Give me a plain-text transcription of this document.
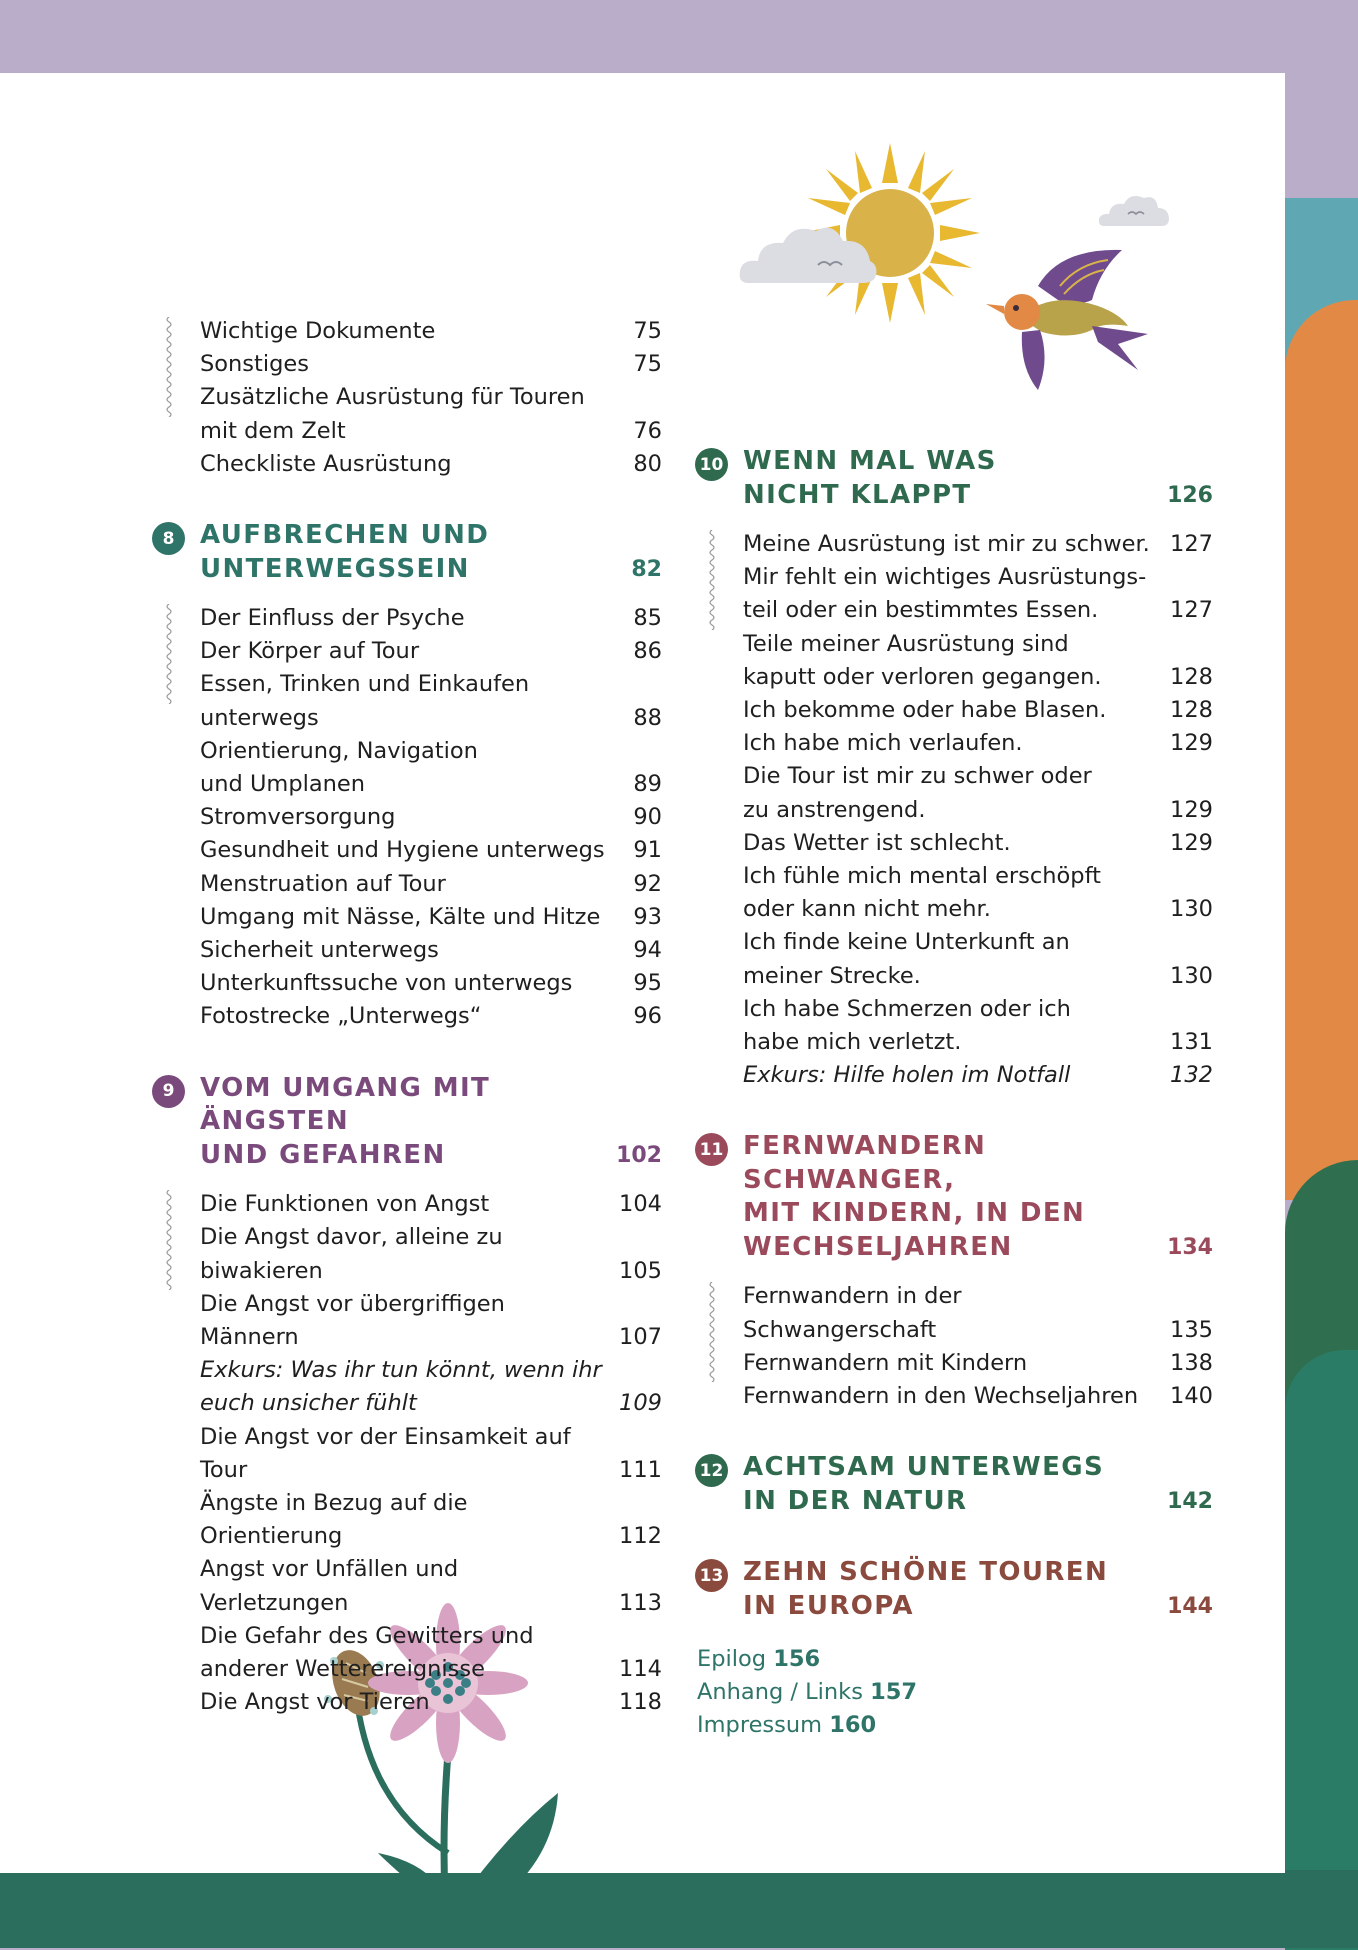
Wichtige Dokumente	75
Sonstiges	75
Zusätzliche Ausrüstung für Touren
mit dem Zelt	76
Checkliste Ausrüstung	80
8 AUFBRECHEN UND
UNTERWEGSSEIN	82
Der Einfluss der Psyche	85
Der Körper auf Tour	86
Essen, Trinken und Einkaufen
unterwegs	88
Orientierung, Navigation
und Umplanen	89
Stromversorgung	90
Gesundheit und Hygiene unterwegs	91
Menstruation auf Tour	92
Umgang mit Nässe, Kälte und Hitze	93
Sicherheit unterwegs	94
Unterkunftssuche von unterwegs	95
Fotostrecke „Unterwegs“	96
9 VOM UMGANG MIT ÄNGSTEN
UND GEFAHREN	102
Die Funktionen von Angst	104
Die Angst davor, alleine zu biwakieren	105
Die Angst vor übergriffigen Männern	107
Exkurs: Was ihr tun könnt, wenn ihr
euch unsicher fühlt	109
Die Angst vor der Einsamkeit auf Tour	111
Ängste in Bezug auf die Orientierung	112
Angst vor Unfällen und Verletzungen	113
Die Gefahr des Gewitters und
anderer Wetterereignisse	114
Die Angst vor Tieren	118
10 WENN MAL WAS
NICHT KLAPPT	126
Meine Ausrüstung ist mir zu schwer. 127
Mir fehlt ein wichtiges Ausrüstungs-
teil oder ein bestimmtes Essen.	127
Teile meiner Ausrüstung sind
kaputt oder verloren gegangen.	128
Ich bekomme oder habe Blasen.	128
Ich habe mich verlaufen.	129
Die Tour ist mir zu schwer oder
zu anstrengend.	129
Das Wetter ist schlecht.	129
Ich fühle mich mental erschöpft
oder kann nicht mehr.	130
Ich finde keine Unterkunft an
meiner Strecke.	130
Ich habe Schmerzen oder ich
habe mich verletzt.	131
Exkurs: Hilfe holen im Notfall	132
11 FERNWANDERN SCHWANGER,
MIT KINDERN, IN DEN
WECHSELJAHREN	134
Fernwandern in der Schwangerschaft	135
Fernwandern mit Kindern	138
Fernwandern in den Wechseljahren	140
12 ACHTSAM UNTERWEGS
IN DER NATUR	142
13 ZEHN SCHÖNE TOUREN
IN EUROPA	144
Epilog 156
Anhang / Links 157
Impressum 160
